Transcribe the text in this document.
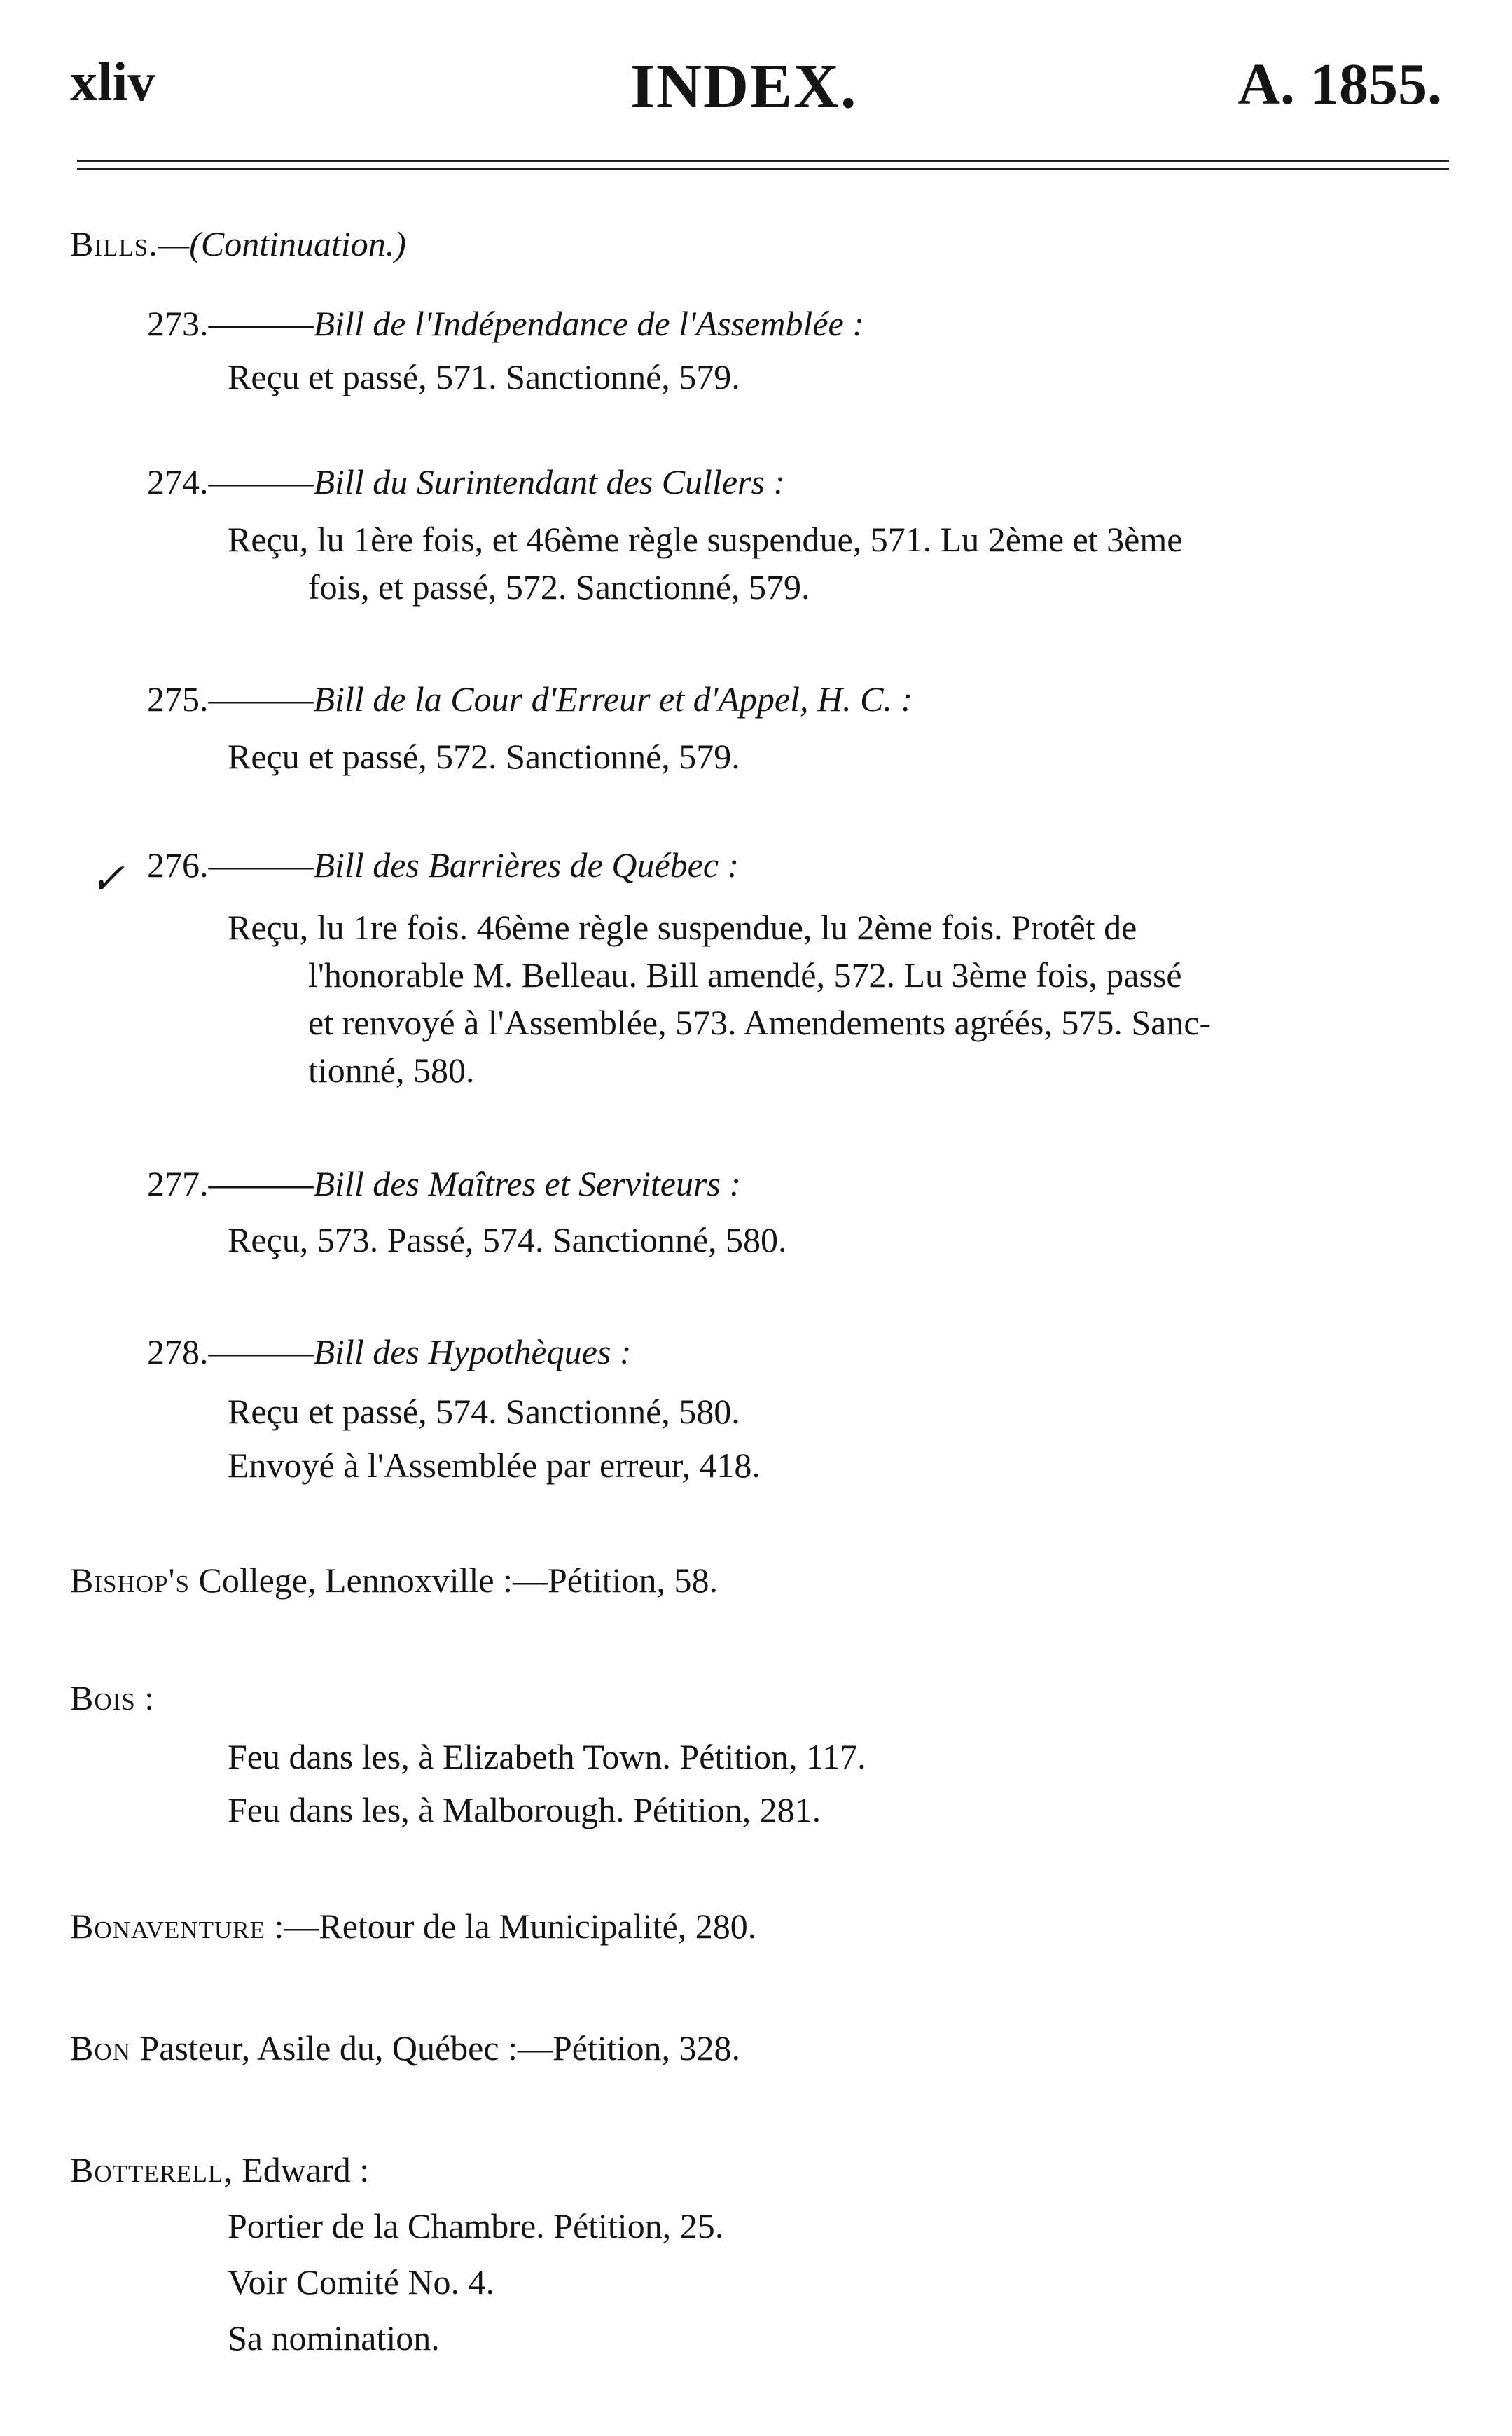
xliv	INDEX.	A. 1855.
Bills.—(Continuation.)
273.———Bill de l'Indépendance de l'Assemblée :
Reçu et passé, 571. Sanctionné, 579.
274.———Bill du Surintendant des Cullers :
Reçu, lu 1ère fois, et 46ème règle suspendue, 571. Lu 2ème et 3ème
fois, et passé, 572. Sanctionné, 579.
275.———Bill de la Cour d'Erreur et d'Appel, H. C. :
Reçu et passé, 572. Sanctionné, 579.
✓ 276.———Bill des Barrières de Québec :
Reçu, lu 1re fois. 46ème règle suspendue, lu 2ème fois. Protêt de
l'honorable M. Belleau. Bill amendé, 572. Lu 3ème fois, passé
et renvoyé à l'Assemblée, 573. Amendements agréés, 575. Sanc-
tionné, 580.
277.———Bill des Maîtres et Serviteurs :
Reçu, 573. Passé, 574. Sanctionné, 580.
278.———Bill des Hypothèques :
Reçu et passé, 574. Sanctionné, 580.
Envoyé à l'Assemblée par erreur, 418.
Bishop's College, Lennoxville :—Pétition, 58.
Bois :
Feu dans les, à Elizabeth Town. Pétition, 117.
Feu dans les, à Malborough. Pétition, 281.
Bonaventure :—Retour de la Municipalité, 280.
Bon Pasteur, Asile du, Québec :—Pétition, 328.
Botterell, Edward :
Portier de la Chambre. Pétition, 25.
Voir Comité No. 4.
Sa nomination.
